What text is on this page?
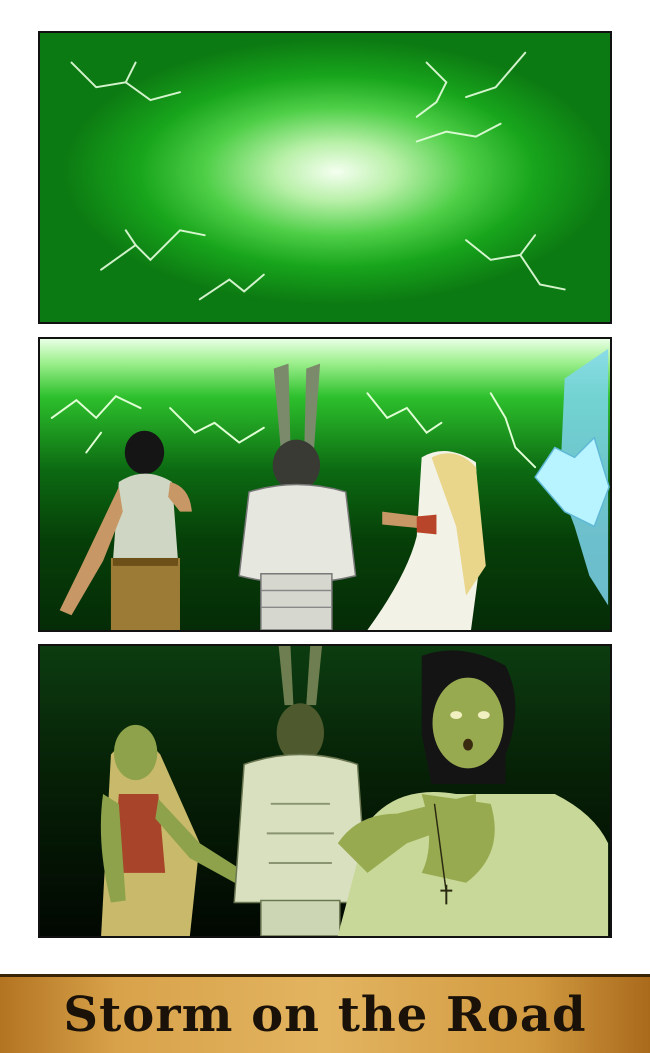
Storm on the Road
